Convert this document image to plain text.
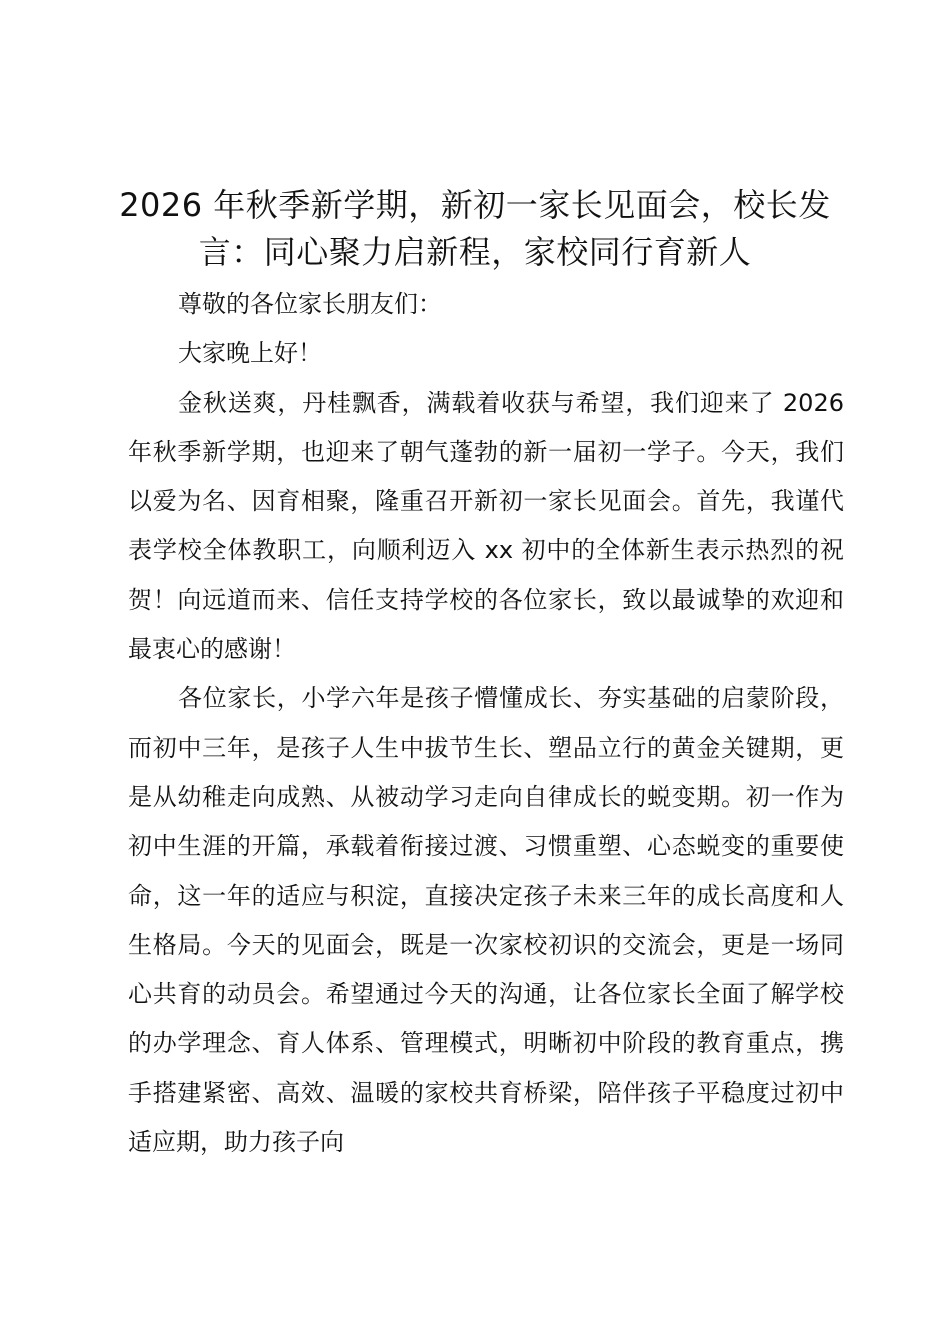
2026 年秋季新学期，新初一家长见面会，校长发言：同心聚力启新程，家校同行育新人

尊敬的各位家长朋友们：

大家晚上好！

金秋送爽，丹桂飘香，满载着收获与希望，我们迎来了 2026 年秋季新学期，也迎来了朝气蓬勃的新一届初一学子。今天，我们以爱为名、因育相聚，隆重召开新初一家长见面会。首先，我谨代表学校全体教职工，向顺利迈入 xx 初中的全体新生表示热烈的祝贺！向远道而来、信任支持学校的各位家长，致以最诚挚的欢迎和最衷心的感谢！

各位家长，小学六年是孩子懵懂成长、夯实基础的启蒙阶段，而初中三年，是孩子人生中拔节生长、塑品立行的黄金关键期，更是从幼稚走向成熟、从被动学习走向自律成长的蜕变期。初一作为初中生涯的开篇，承载着衔接过渡、习惯重塑、心态蜕变的重要使命，这一年的适应与积淀，直接决定孩子未来三年的成长高度和人生格局。今天的见面会，既是一次家校初识的交流会，更是一场同心共育的动员会。希望通过今天的沟通，让各位家长全面了解学校的办学理念、育人体系、管理模式，明晰初中阶段的教育重点，携手搭建紧密、高效、温暖的家校共育桥梁，陪伴孩子平稳度过初中适应期，助力孩子向
